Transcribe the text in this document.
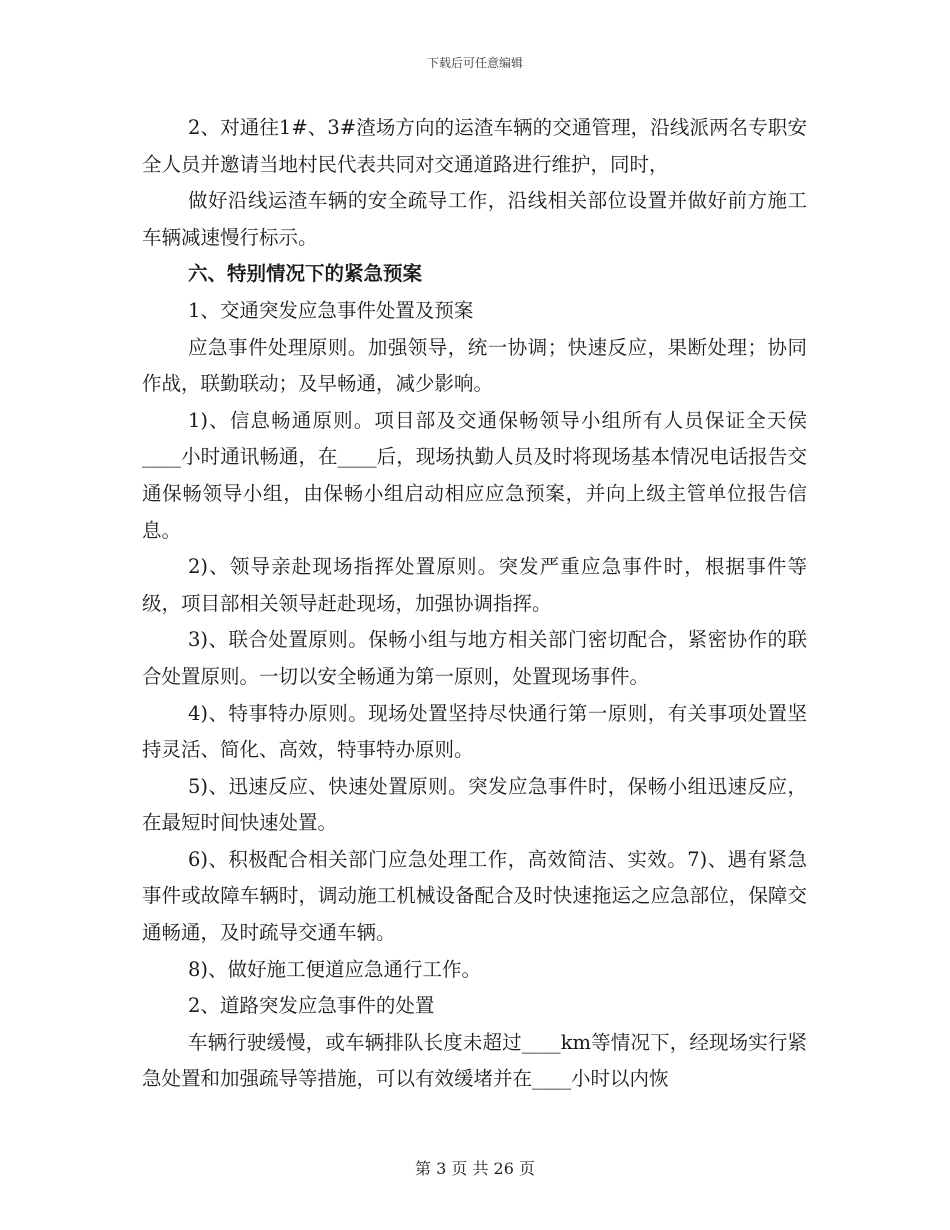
下载后可任意编辑

2、对通往1#、3#渣场方向的运渣车辆的交通管理，沿线派两名专职安全人员并邀请当地村民代表共同对交通道路进行维护，同时，

做好沿线运渣车辆的安全疏导工作，沿线相关部位设置并做好前方施工车辆减速慢行标示。

六、特别情况下的紧急预案

1、交通突发应急事件处置及预案

应急事件处理原则。加强领导，统一协调；快速反应，果断处理；协同作战，联勤联动；及早畅通，减少影响。

1)、信息畅通原则。项目部及交通保畅领导小组所有人员保证全天侯____小时通讯畅通，在____后，现场执勤人员及时将现场基本情况电话报告交通保畅领导小组，由保畅小组启动相应应急预案，并向上级主管单位报告信息。

2)、领导亲赴现场指挥处置原则。突发严重应急事件时，根据事件等级，项目部相关领导赶赴现场，加强协调指挥。

3)、联合处置原则。保畅小组与地方相关部门密切配合，紧密协作的联合处置原则。一切以安全畅通为第一原则，处置现场事件。

4)、特事特办原则。现场处置坚持尽快通行第一原则，有关事项处置坚持灵活、简化、高效，特事特办原则。

5)、迅速反应、快速处置原则。突发应急事件时，保畅小组迅速反应，在最短时间快速处置。

6)、积极配合相关部门应急处理工作，高效简洁、实效。7)、遇有紧急事件或故障车辆时，调动施工机械设备配合及时快速拖运之应急部位，保障交通畅通，及时疏导交通车辆。

8)、做好施工便道应急通行工作。

2、道路突发应急事件的处置

车辆行驶缓慢，或车辆排队长度未超过____km等情况下，经现场实行紧急处置和加强疏导等措施，可以有效缓堵并在____小时以内恢

第 3 页 共 26 页
